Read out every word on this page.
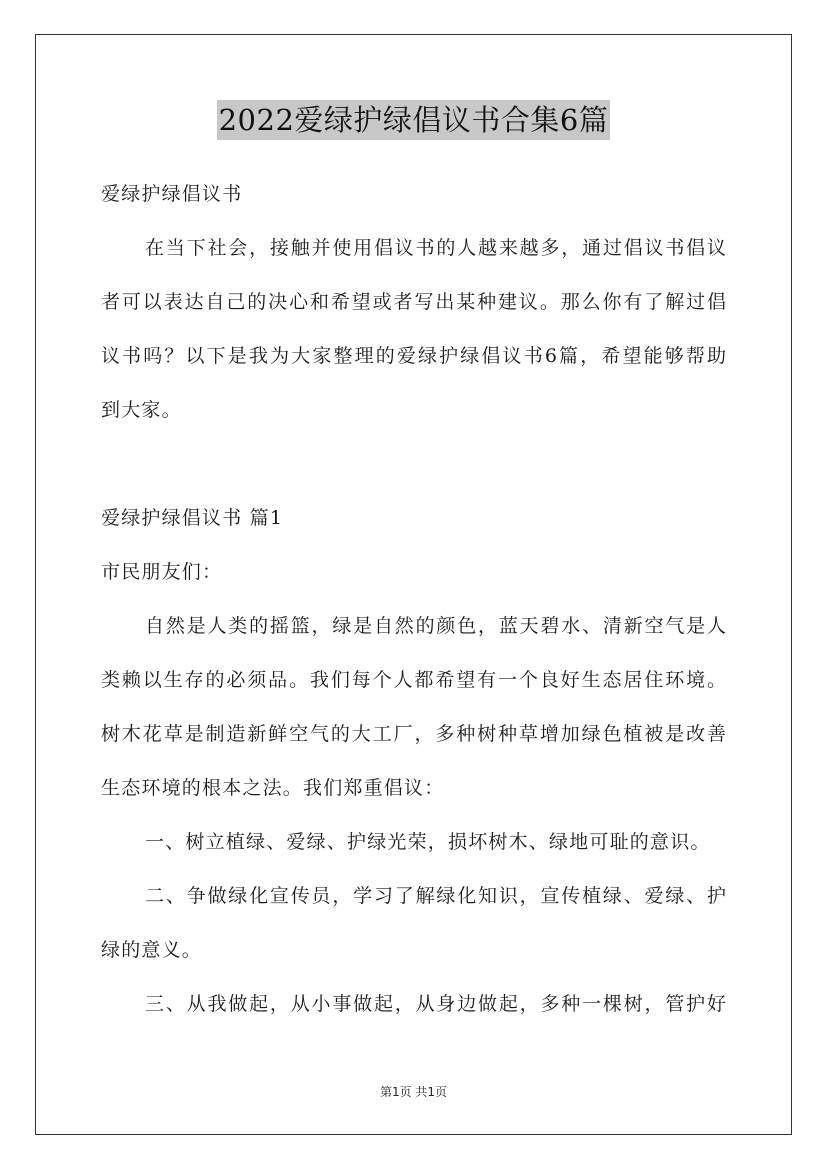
2022爱绿护绿倡议书合集6篇
爱绿护绿倡议书
在当下社会，接触并使用倡议书的人越来越多，通过倡议书倡议
者可以表达自己的决心和希望或者写出某种建议。那么你有了解过倡
议书吗？以下是我为大家整理的爱绿护绿倡议书6篇，希望能够帮助
到大家。
爱绿护绿倡议书 篇1
市民朋友们：
自然是人类的摇篮，绿是自然的颜色，蓝天碧水、清新空气是人
类赖以生存的必须品。我们每个人都希望有一个良好生态居住环境。
树木花草是制造新鲜空气的大工厂，多种树种草增加绿色植被是改善
生态环境的根本之法。我们郑重倡议：
一、树立植绿、爱绿、护绿光荣，损坏树木、绿地可耻的意识。
二、争做绿化宣传员，学习了解绿化知识，宣传植绿、爱绿、护
绿的意义。
三、从我做起，从小事做起，从身边做起，多种一棵树，管护好
第1页 共1页
